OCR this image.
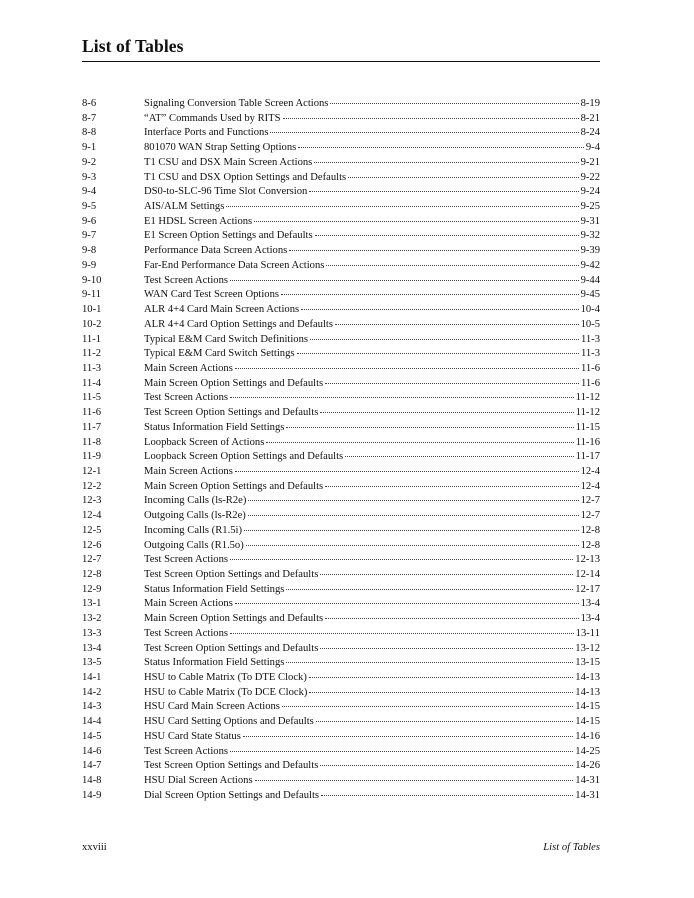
List of Tables
8-6	Signaling Conversion Table Screen Actions	8-19
8-7	“AT” Commands Used by RITS	8-21
8-8	Interface Ports and Functions	8-24
9-1	801070 WAN Strap Setting Options	9-4
9-2	T1 CSU and DSX Main Screen Actions	9-21
9-3	T1 CSU and DSX Option Settings and Defaults	9-22
9-4	DS0-to-SLC-96 Time Slot Conversion	9-24
9-5	AIS/ALM Settings	9-25
9-6	E1 HDSL Screen Actions	9-31
9-7	E1 Screen Option Settings and Defaults	9-32
9-8	Performance Data Screen Actions	9-39
9-9	Far-End Performance Data Screen Actions	9-42
9-10	Test Screen Actions	9-44
9-11	WAN Card Test Screen Options	9-45
10-1	ALR 4+4 Card Main Screen Actions	10-4
10-2	ALR 4+4 Card Option Settings and Defaults	10-5
11-1	Typical E&M Card Switch Definitions	11-3
11-2	Typical E&M Card Switch Settings	11-3
11-3	Main Screen Actions	11-6
11-4	Main Screen Option Settings and Defaults	11-6
11-5	Test Screen Actions	11-12
11-6	Test Screen Option Settings and Defaults	11-12
11-7	Status Information Field Settings	11-15
11-8	Loopback Screen of Actions	11-16
11-9	Loopback Screen Option Settings and Defaults	11-17
12-1	Main Screen Actions	12-4
12-2	Main Screen Option Settings and Defaults	12-4
12-3	Incoming Calls (ls-R2e)	12-7
12-4	Outgoing Calls (ls-R2e)	12-7
12-5	Incoming Calls (R1.5i)	12-8
12-6	Outgoing Calls (R1.5o)	12-8
12-7	Test Screen Actions	12-13
12-8	Test Screen Option Settings and Defaults	12-14
12-9	Status Information Field Settings	12-17
13-1	Main Screen Actions	13-4
13-2	Main Screen Option Settings and Defaults	13-4
13-3	Test Screen Actions	13-11
13-4	Test Screen Option Settings and Defaults	13-12
13-5	Status Information Field Settings	13-15
14-1	HSU to Cable Matrix (To DTE Clock)	14-13
14-2	HSU to Cable Matrix (To DCE Clock)	14-13
14-3	HSU Card Main Screen Actions	14-15
14-4	HSU Card Setting Options and Defaults	14-15
14-5	HSU Card State Status	14-16
14-6	Test Screen Actions	14-25
14-7	Test Screen Option Settings and Defaults	14-26
14-8	HSU Dial Screen Actions	14-31
14-9	Dial Screen Option Settings and Defaults	14-31
xxviii	List of Tables
